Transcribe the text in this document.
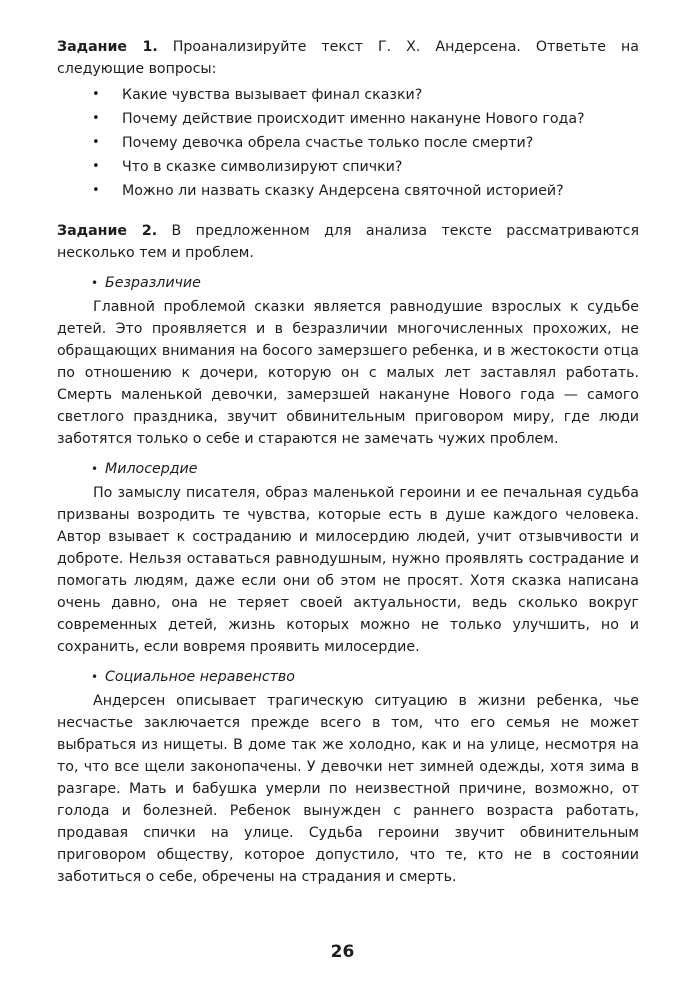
Задание 1. Проанализируйте текст Г. Х. Андерсена. Ответьте на следующие вопросы:

• Какие чувства вызывает финал сказки?
• Почему действие происходит именно накануне Нового года?
• Почему девочка обрела счастье только после смерти?
• Что в сказке символизируют спички?
• Можно ли назвать сказку Андерсена святочной историей?

Задание 2. В предложенном для анализа тексте рассматриваются несколько тем и проблем.

• Безразличие

Главной проблемой сказки является равнодушие взрослых к судьбе детей. Это проявляется и в безразличии многочисленных прохожих, не обращающих внимания на босого замерзшего ребенка, и в жестокости отца по отношению к дочери, которую он с малых лет заставлял работать. Смерть маленькой девочки, замерзшей накануне Нового года — самого светлого праздника, звучит обвинительным приговором миру, где люди заботятся только о себе и стараются не замечать чужих проблем.

• Милосердие

По замыслу писателя, образ маленькой героини и ее печальная судьба призваны возродить те чувства, которые есть в душе каждого человека. Автор взывает к состраданию и милосердию людей, учит отзывчивости и доброте. Нельзя оставаться равнодушным, нужно проявлять сострадание и помогать людям, даже если они об этом не просят. Хотя сказка написана очень давно, она не теряет своей актуальности, ведь сколько вокруг современных детей, жизнь которых можно не только улучшить, но и сохранить, если вовремя проявить милосердие.

• Социальное неравенство

Андерсен описывает трагическую ситуацию в жизни ребенка, чье несчастье заключается прежде всего в том, что его семья не может выбраться из нищеты. В доме так же холодно, как и на улице, несмотря на то, что все щели законопачены. У девочки нет зимней одежды, хотя зима в разгаре. Мать и бабушка умерли по неизвестной причине, возможно, от голода и болезней. Ребенок вынужден с раннего возраста работать, продавая спички на улице. Судьба героини звучит обвинительным приговором обществу, которое допустило, что те, кто не в состоянии заботиться о себе, обречены на страдания и смерть.

26
